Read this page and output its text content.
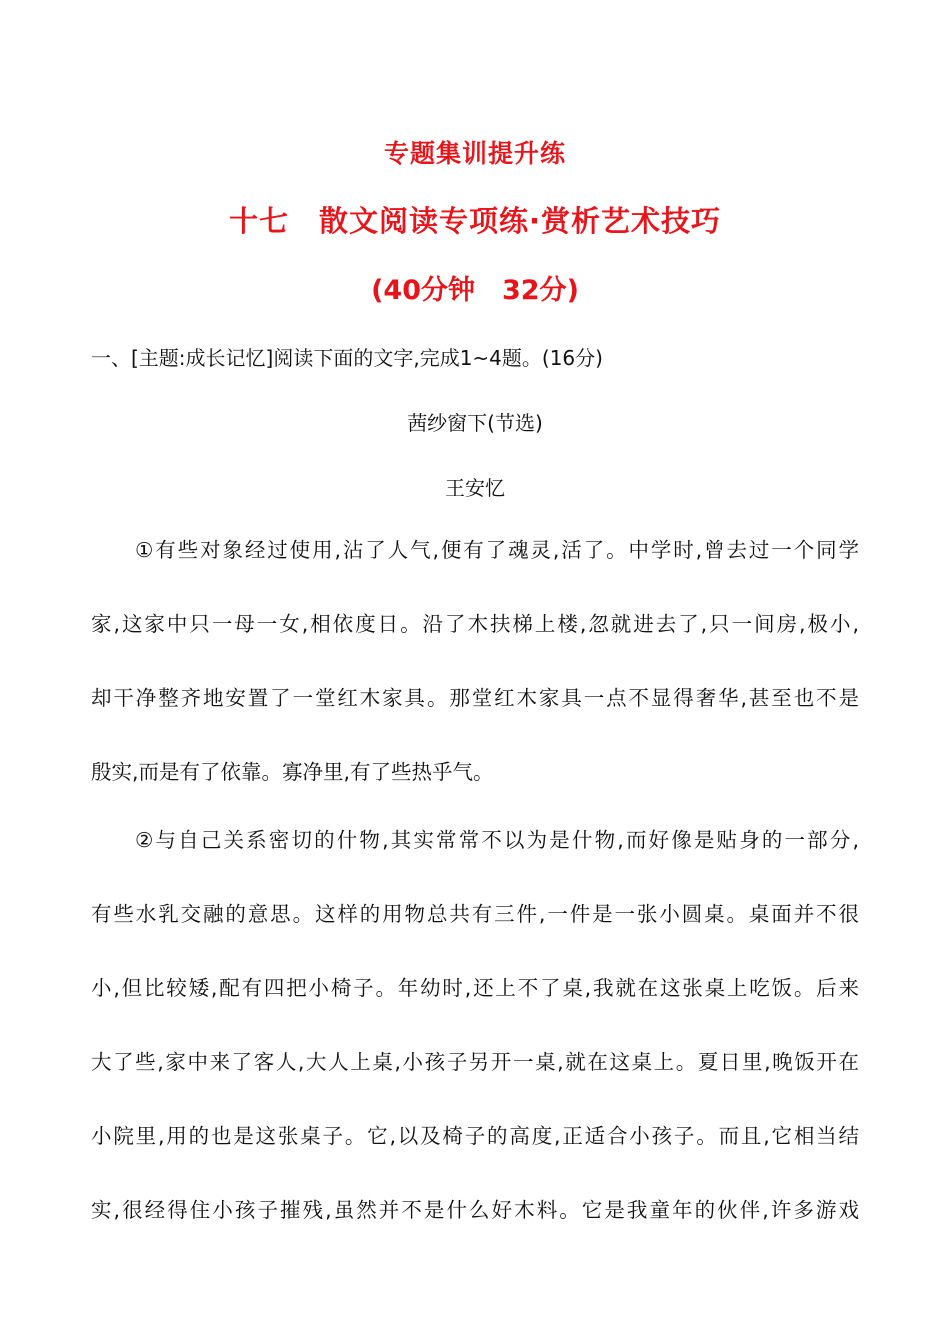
专题集训提升练
十七　散文阅读专项练·赏析艺术技巧
(40分钟　32分)
一、[主题:成长记忆]阅读下面的文字,完成1~4题。(16分)
茜纱窗下(节选)
王安忆
①有些对象经过使用,沾了人气,便有了魂灵,活了。中学时,曾去过一个同学
家,这家中只一母一女,相依度日。沿了木扶梯上楼,忽就进去了,只一间房,极小,
却干净整齐地安置了一堂红木家具。那堂红木家具一点不显得奢华,甚至也不是
殷实,而是有了依靠。寡净里,有了些热乎气。
②与自己关系密切的什物,其实常常不以为是什物,而好像是贴身的一部分,
有些水乳交融的意思。这样的用物总共有三件,一件是一张小圆桌。桌面并不很
小,但比较矮,配有四把小椅子。年幼时,还上不了桌,我就在这张桌上吃饭。后来
大了些,家中来了客人,大人上桌,小孩子另开一桌,就在这桌上。夏日里,晚饭开在
小院里,用的也是这张桌子。它,以及椅子的高度,正适合小孩子。而且,它相当结
实,很经得住小孩子摧残,虽然并不是什么好木料。它是我童年的伙伴,许多游戏
